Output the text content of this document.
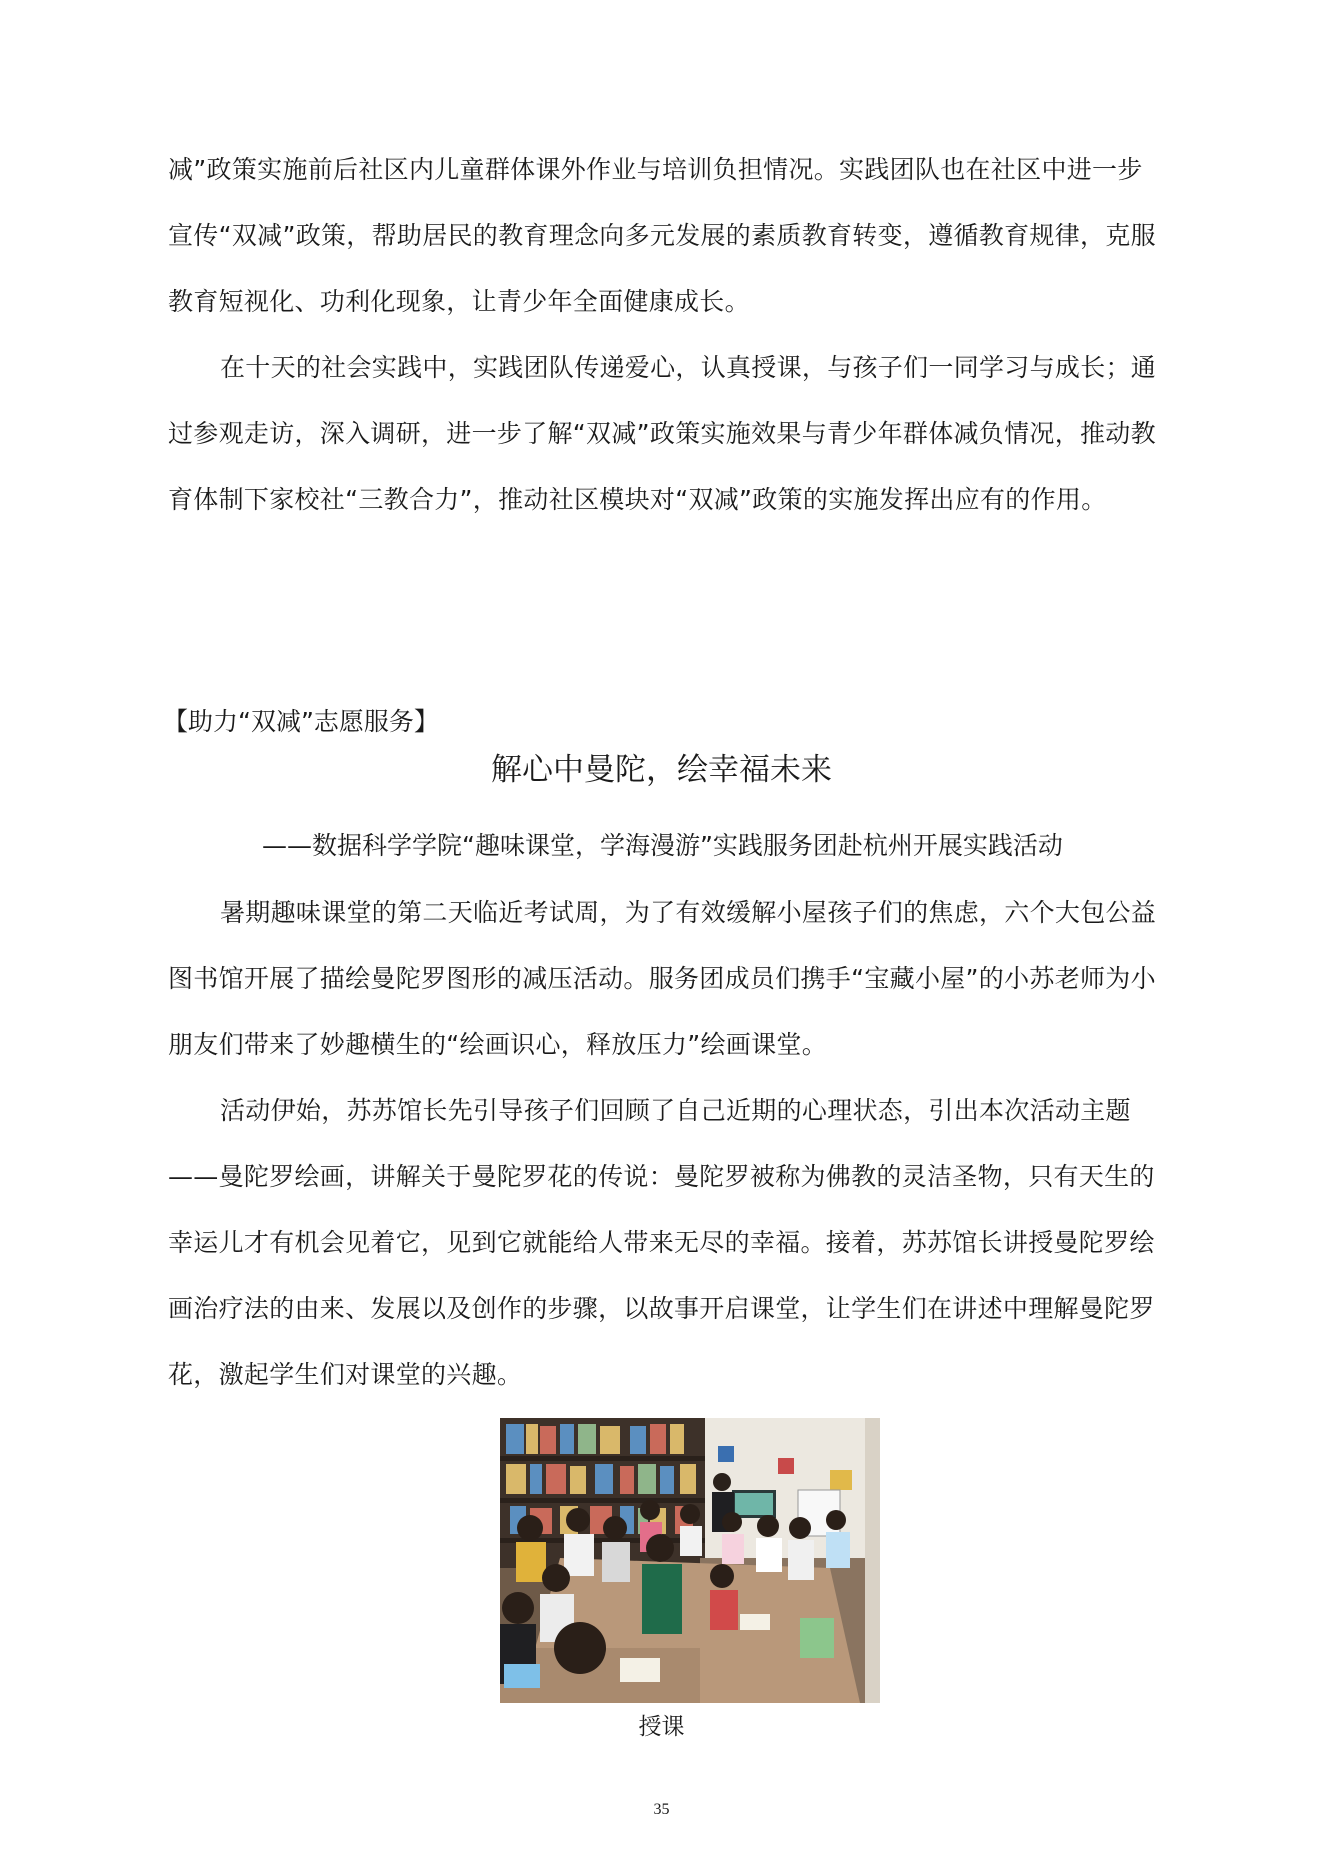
减”政策实施前后社区内儿童群体课外作业与培训负担情况。实践团队也在社区中进一步宣传“双减”政策，帮助居民的教育理念向多元发展的素质教育转变，遵循教育规律，克服教育短视化、功利化现象，让青少年全面健康成长。

在十天的社会实践中，实践团队传递爱心，认真授课，与孩子们一同学习与成长；通过参观走访，深入调研，进一步了解“双减”政策实施效果与青少年群体减负情况，推动教育体制下家校社“三教合力”，推动社区模块对“双减”政策的实施发挥出应有的作用。

【助力“双减”志愿服务】

解心中曼陀，绘幸福未来

——数据科学学院“趣味课堂，学海漫游”实践服务团赴杭州开展实践活动

暑期趣味课堂的第二天临近考试周，为了有效缓解小屋孩子们的焦虑，六个大包公益图书馆开展了描绘曼陀罗图形的减压活动。服务团成员们携手“宝藏小屋”的小苏老师为小朋友们带来了妙趣横生的“绘画识心，释放压力”绘画课堂。

活动伊始，苏苏馆长先引导孩子们回顾了自己近期的心理状态，引出本次活动主题——曼陀罗绘画，讲解关于曼陀罗花的传说：曼陀罗被称为佛教的灵洁圣物，只有天生的幸运儿才有机会见着它，见到它就能给人带来无尽的幸福。接着，苏苏馆长讲授曼陀罗绘画治疗法的由来、发展以及创作的步骤，以故事开启课堂，让学生们在讲述中理解曼陀罗花，激起学生们对课堂的兴趣。

授课

35
